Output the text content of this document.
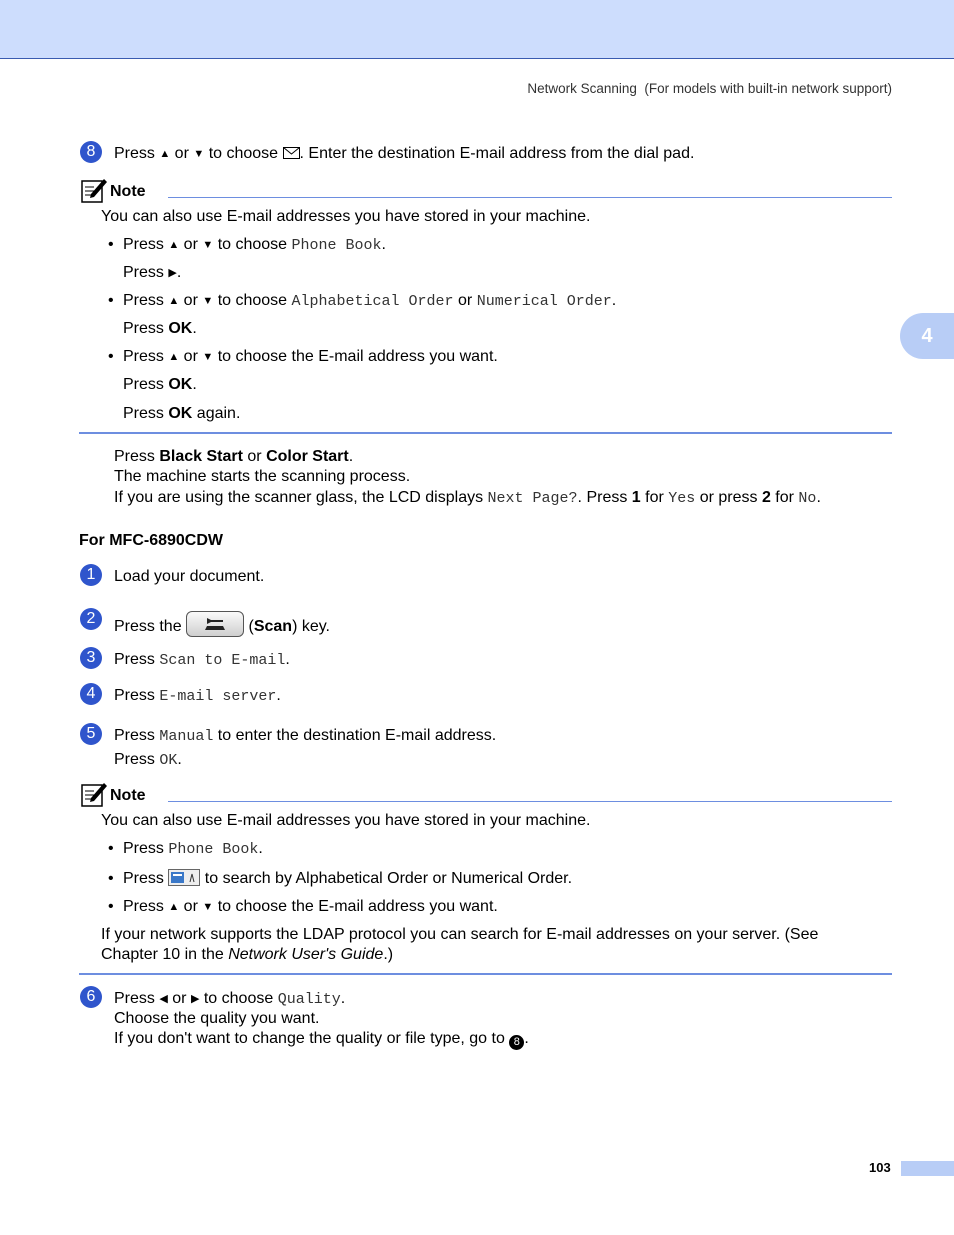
Network Scanning  (For models with built-in network support)
4
8	Press ▲ or ▼ to choose . Enter the destination E-mail address from the dial pad.
Note
You can also use E-mail addresses you have stored in your machine.
• Press ▲ or ▼ to choose Phone Book.
Press ▶.
• Press ▲ or ▼ to choose Alphabetical Order or Numerical Order.
Press OK.
• Press ▲ or ▼ to choose the E-mail address you want.
Press OK.
Press OK again.
Press Black Start or Color Start.
The machine starts the scanning process.
If you are using the scanner glass, the LCD displays Next Page?. Press 1 for Yes or press 2 for No.
For MFC-6890CDW
1	Load your document.
2	Press the	(Scan) key.
3	Press Scan to E-mail.
4	Press E-mail server.
5	Press Manual to enter the destination E-mail address.
Press OK.
Note
You can also use E-mail addresses you have stored in your machine.
• Press Phone Book.
• Press
to search by Alphabetical Order or Numerical Order.
• Press ▲ or ▼ to choose the E-mail address you want.
If your network supports the LDAP protocol you can search for E-mail addresses on your server. (See
Chapter 10 in the Network User's Guide.)
6	Press ◀ or ▶ to choose Quality.
Choose the quality you want.
If you don't want to change the quality or file type, go to 8 .
103
